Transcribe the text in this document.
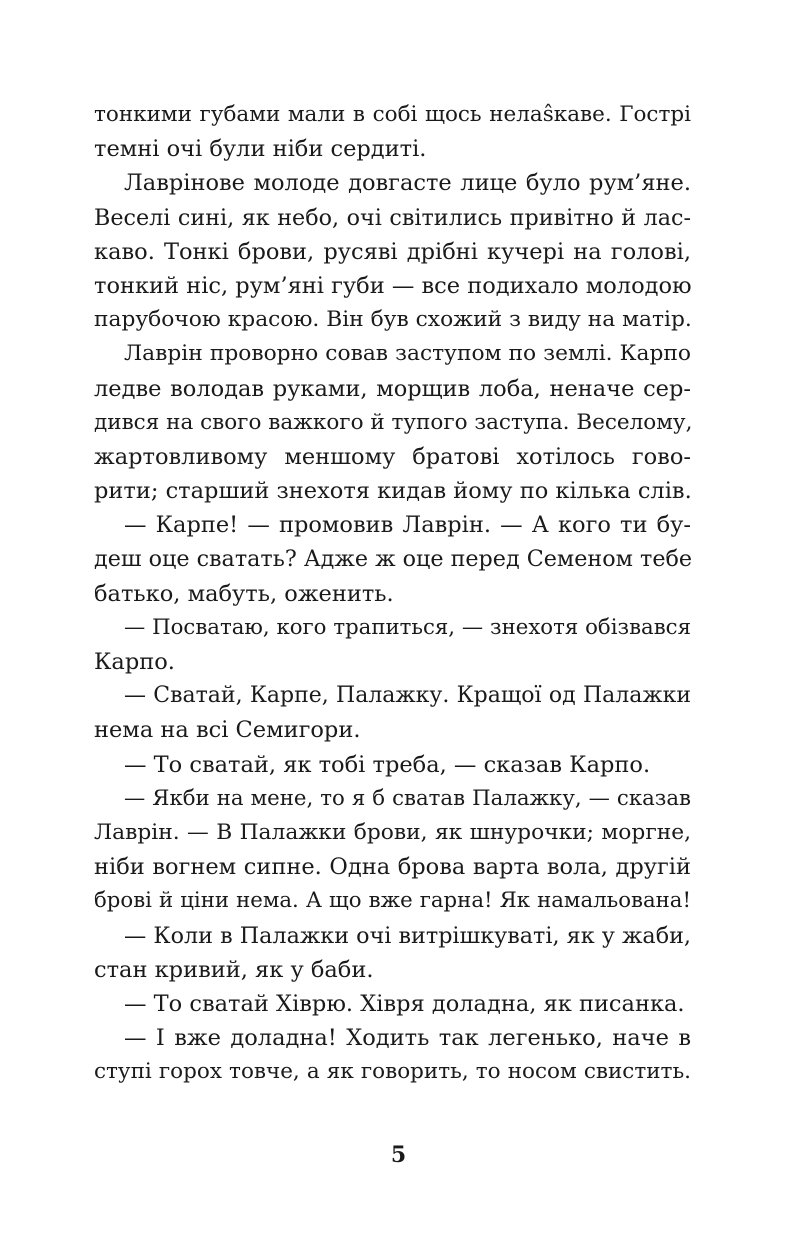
тонкими губами мали в собі щось нелаŝкаве. Гострі
темні очі були ніби сердиті.
Лаврінове молоде довгасте лице було рум’яне.
Веселі сині, як небо, очі світились привітно й лас-
каво. Тонкі брови, русяві дрібні кучері на голові,
тонкий ніс, рум’яні губи — все подихало молодою
парубочою красою. Він був схожий з виду на матір.
Лаврін проворно совав заступом по землі. Карпо
ледве володав руками, морщив лоба, неначе сер-
дився на свого важкого й тупого заступа. Веселому,
жартовливому меншому братові хотілось гово-
рити; старший знехотя кидав йому по кілька слів.
— Карпе! — промовив Лаврін. — А кого ти бу-
деш оце сватать? Адже ж оце перед Семеном тебе
батько, мабуть, оженить.
— Посватаю, кого трапиться, — знехотя обізвався
Карпо.
— Сватай, Карпе, Палажку. Кращої од Палажки
нема на всі Семигори.
— То сватай, як тобі треба, — сказав Карпо.
— Якби на мене, то я б сватав Палажку, — сказав
Лаврін. — В Палажки брови, як шнурочки; моргне,
ніби вогнем сипне. Одна брова варта вола, другій
брові й ціни нема. А що вже гарна! Як намальована!
— Коли в Палажки очі витрішкуваті, як у жаби,
стан кривий, як у баби.
— То сватай Хіврю. Хівря доладна, як писанка.
— І вже доладна! Ходить так легенько, наче в
ступі горох товче, а як говорить, то носом свистить.
5
